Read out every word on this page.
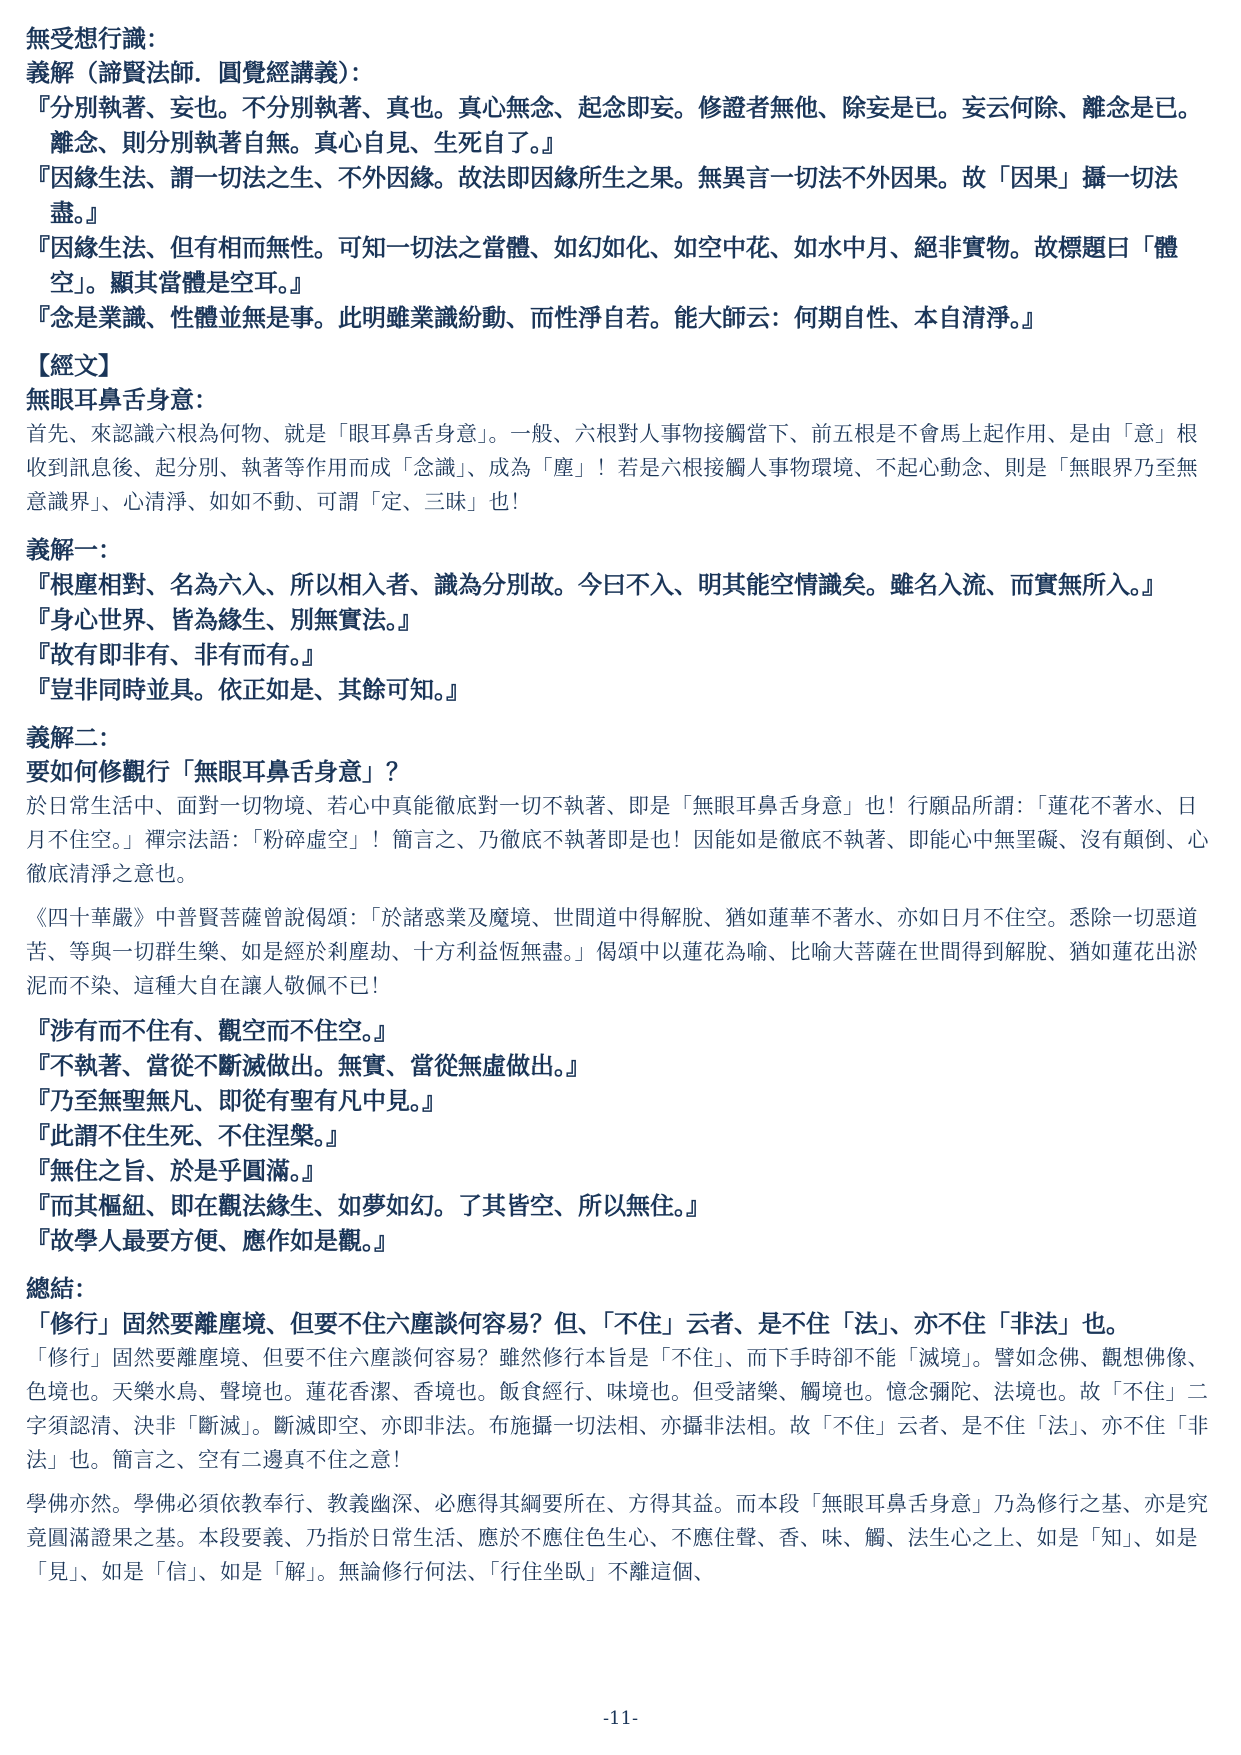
無受想行識：

義解（諦賢法師．圓覺經講義）：

『分別執著、妄也。不分別執著、真也。真心無念、起念即妄。修證者無他、除妄是已。妄云何除、離念是已。離念、則分別執著自無。真心自見、生死自了。』

『因緣生法、謂一切法之生、不外因緣。故法即因緣所生之果。無異言一切法不外因果。故「因果」攝一切法盡。』

『因緣生法、但有相而無性。可知一切法之當體、如幻如化、如空中花、如水中月、絕非實物。故標題曰「體空」。顯其當體是空耳。』

『念是業識、性體並無是事。此明雖業識紛動、而性淨自若。能大師云：何期自性、本自清淨。』

【經文】

無眼耳鼻舌身意：

首先、來認識六根為何物、就是「眼耳鼻舌身意」。一般、六根對人事物接觸當下、前五根是不會馬上起作用、是由「意」根收到訊息後、起分別、執著等作用而成「念識」、成為「塵」！若是六根接觸人事物環境、不起心動念、則是「無眼界乃至無意識界」、心清淨、如如不動、可謂「定、三昧」也！

義解一：

『根塵相對、名為六入、所以相入者、識為分別故。今曰不入、明其能空情識矣。雖名入流、而實無所入。』

『身心世界、皆為緣生、別無實法。』

『故有即非有、非有而有。』

『豈非同時並具。依正如是、其餘可知。』

義解二：

要如何修觀行「無眼耳鼻舌身意」？

於日常生活中、面對一切物境、若心中真能徹底對一切不執著、即是「無眼耳鼻舌身意」也！行願品所謂：「蓮花不著水、日月不住空。」禪宗法語：「粉碎虛空」！簡言之、乃徹底不執著即是也！因能如是徹底不執著、即能心中無罣礙、沒有顛倒、心徹底清淨之意也。

《四十華嚴》中普賢菩薩曾說偈頌：「於諸惑業及魔境、世間道中得解脫、猶如蓮華不著水、亦如日月不住空。悉除一切惡道苦、等與一切群生樂、如是經於剎塵劫、十方利益恆無盡。」偈頌中以蓮花為喻、比喻大菩薩在世間得到解脫、猶如蓮花出淤泥而不染、這種大自在讓人敬佩不已！

『涉有而不住有、觀空而不住空。』

『不執著、當從不斷滅做出。無實、當從無虛做出。』

『乃至無聖無凡、即從有聖有凡中見。』

『此謂不住生死、不住涅槃。』

『無住之旨、於是乎圓滿。』

『而其樞紐、即在觀法緣生、如夢如幻。了其皆空、所以無住。』

『故學人最要方便、應作如是觀。』

總結：

「修行」固然要離塵境、但要不住六塵談何容易？但、「不住」云者、是不住「法」、亦不住「非法」也。

「修行」固然要離塵境、但要不住六塵談何容易？雖然修行本旨是「不住」、而下手時卻不能「滅境」。譬如念佛、觀想佛像、色境也。天樂水鳥、聲境也。蓮花香潔、香境也。飯食經行、味境也。但受諸樂、觸境也。憶念彌陀、法境也。故「不住」二字須認清、決非「斷滅」。斷滅即空、亦即非法。布施攝一切法相、亦攝非法相。故「不住」云者、是不住「法」、亦不住「非法」也。簡言之、空有二邊真不住之意！

學佛亦然。學佛必須依教奉行、教義幽深、必應得其綱要所在、方得其益。而本段「無眼耳鼻舌身意」乃為修行之基、亦是究竟圓滿證果之基。本段要義、乃指於日常生活、應於不應住色生心、不應住聲、香、味、觸、法生心之上、如是「知」、如是「見」、如是「信」、如是「解」。無論修行何法、「行住坐臥」不離這個、

-11-
